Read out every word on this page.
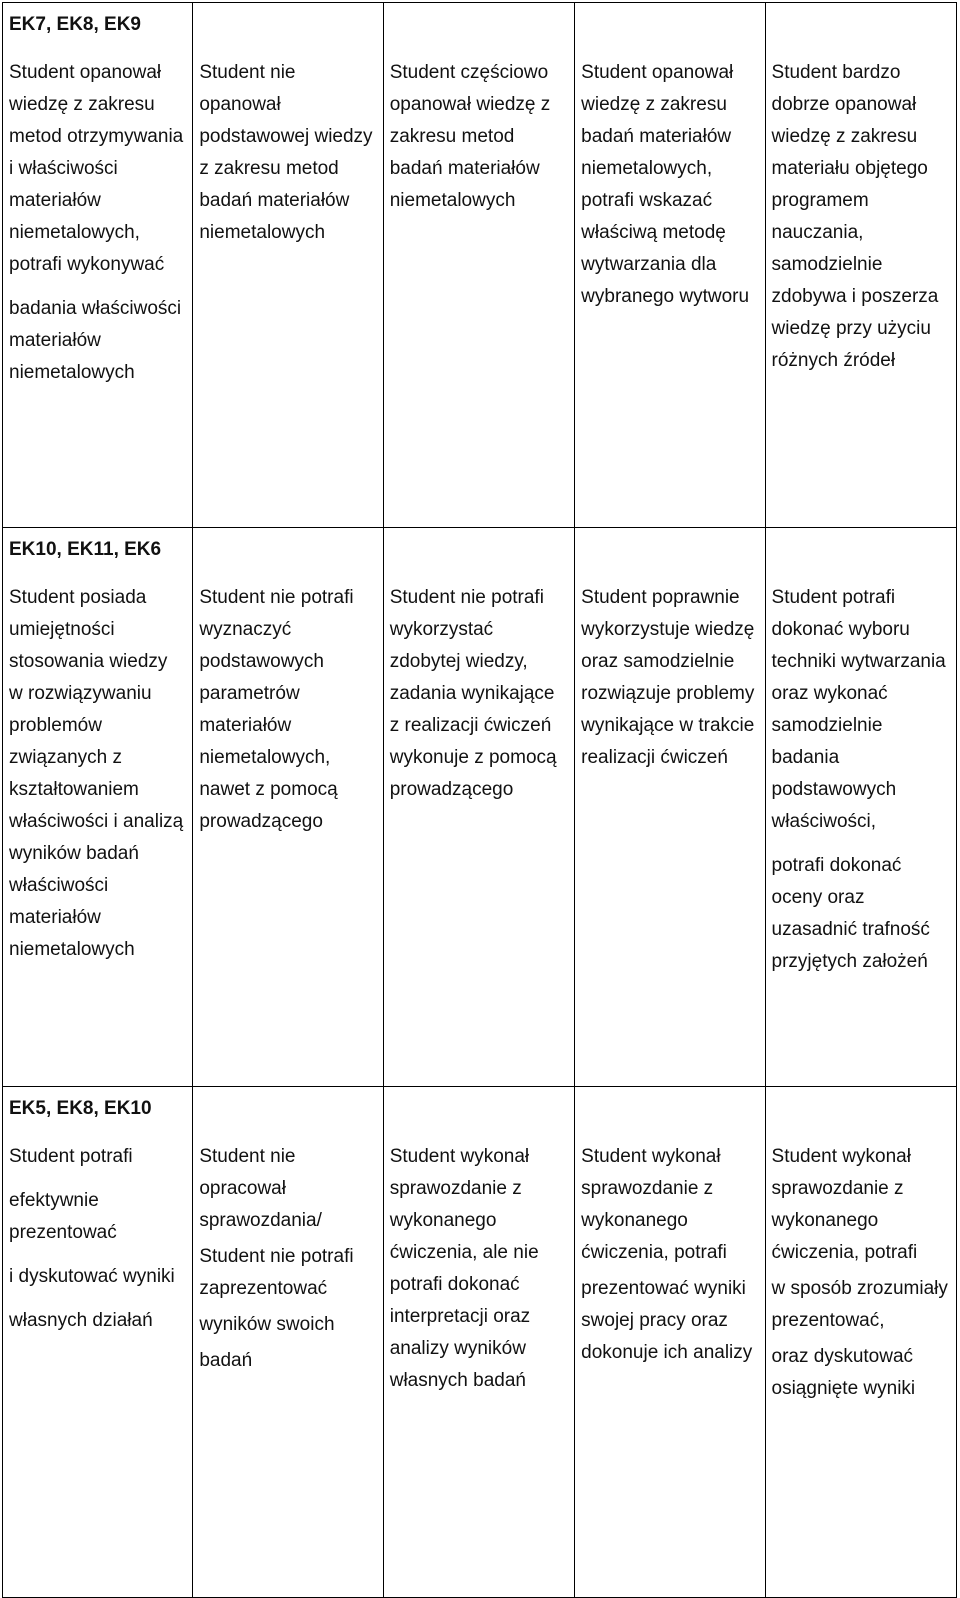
EK7, EK8, EK9
Student opanował wiedzę z zakresu metod otrzymywania i właściwości materiałów niemetalowych, potrafi wykonywać
badania właściwości materiałów niemetalowych	Student nie opanował podstawowej wiedzy z zakresu metod badań materiałów niemetalowych	Student częściowo opanował wiedzę z zakresu metod badań materiałów niemetalowych	Student opanował wiedzę z zakresu badań materiałów niemetalowych, potrafi wskazać właściwą metodę wytwarzania dla wybranego wytworu	Student bardzo dobrze opanował wiedzę z zakresu materiału objętego programem nauczania, samodzielnie zdobywa i poszerza wiedzę przy użyciu różnych źródeł

EK10, EK11, EK6
Student posiada umiejętności stosowania wiedzy w rozwiązywaniu problemów związanych z kształtowaniem właściwości i analizą wyników badań właściwości materiałów niemetalowych	Student nie potrafi wyznaczyć podstawowych parametrów materiałów niemetalowych, nawet z pomocą prowadzącego	Student nie potrafi wykorzystać zdobytej wiedzy, zadania wynikające z realizacji ćwiczeń wykonuje z pomocą prowadzącego	Student poprawnie wykorzystuje wiedzę oraz samodzielnie rozwiązuje problemy wynikające w trakcie realizacji ćwiczeń	Student potrafi dokonać wyboru techniki wytwarzania oraz wykonać samodzielnie badania podstawowych właściwości,
potrafi dokonać oceny oraz uzasadnić trafność przyjętych założeń

EK5, EK8, EK10
Student potrafi
efektywnie prezentować
i dyskutować wyniki
własnych działań	Student nie opracował sprawozdania/
Student nie potrafi zaprezentować
wyników swoich
badań	Student wykonał sprawozdanie z wykonanego ćwiczenia, ale nie potrafi dokonać interpretacji oraz analizy wyników własnych badań	Student wykonał sprawozdanie z wykonanego ćwiczenia, potrafi
prezentować wyniki swojej pracy oraz dokonuje ich analizy	Student wykonał sprawozdanie z wykonanego ćwiczenia, potrafi
w sposób zrozumiały prezentować,
oraz dyskutować osiągnięte wyniki
